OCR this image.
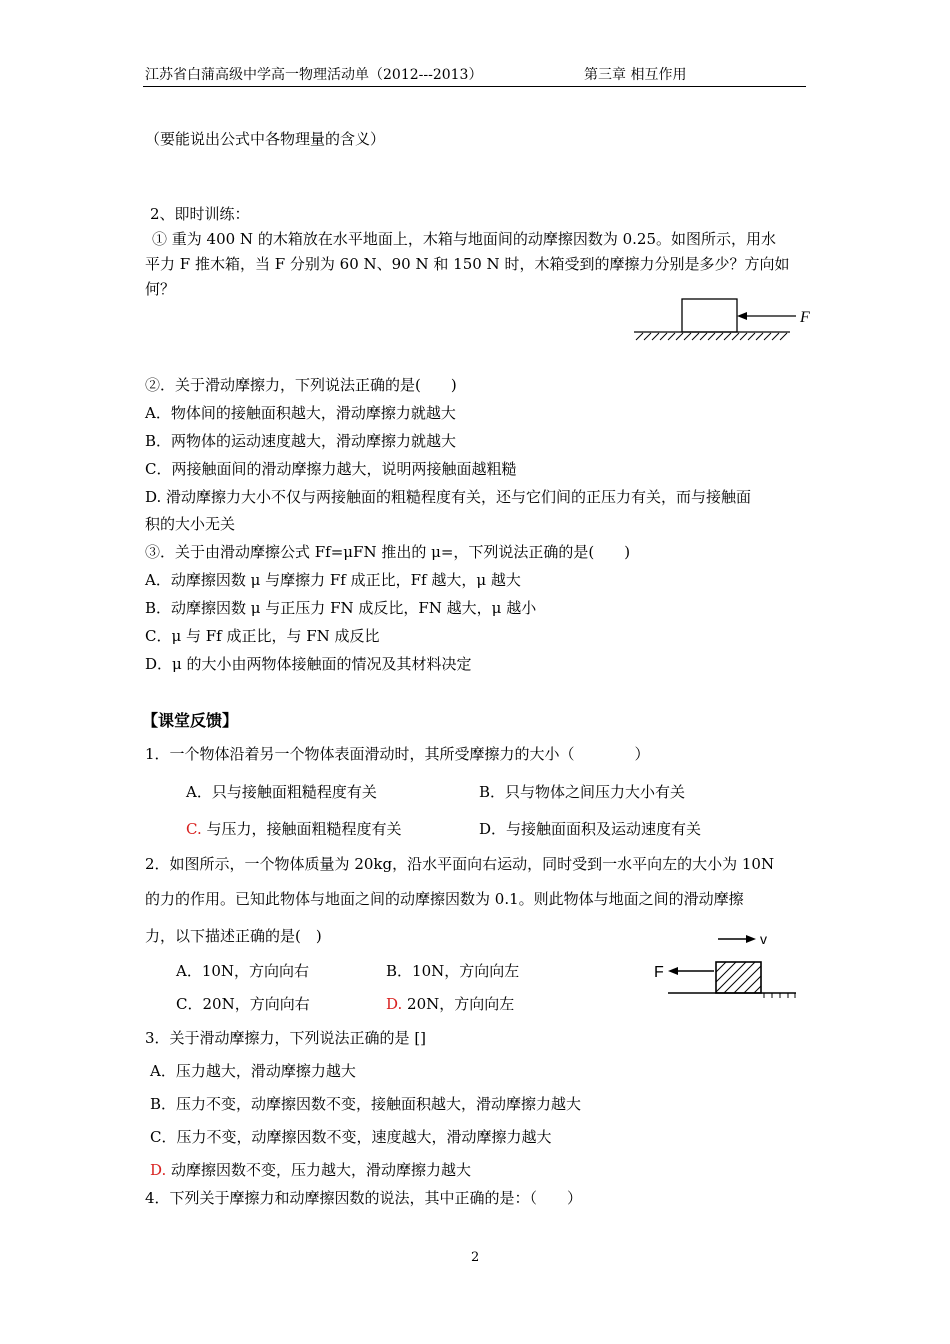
江苏省白蒲高级中学高一物理活动单（2012---2013）	第三章 相互作用
（要能说出公式中各物理量的含义）
2、即时训练：
① 重为 400 N 的木箱放在水平地面上，木箱与地面间的动摩擦因数为 0.25。如图所示，用水
平力 F 推木箱，当 F 分别为 60 N、90 N 和 150 N 时，木箱受到的摩擦力分别是多少？方向如
何？
F
②．关于滑动摩擦力，下列说法正确的是(　　)
A．物体间的接触面积越大，滑动摩擦力就越大
B．两物体的运动速度越大，滑动摩擦力就越大
C．两接触面间的滑动摩擦力越大，说明两接触面越粗糙
D. 滑动摩擦力大小不仅与两接触面的粗糙程度有关，还与它们间的正压力有关，而与接触面
积的大小无关
③．关于由滑动摩擦公式 Ff=μFN 推出的 μ=，下列说法正确的是(　　)
A．动摩擦因数 μ 与摩擦力 Ff 成正比，Ff 越大，μ 越大
B．动摩擦因数 μ 与正压力 FN 成反比，FN 越大，μ 越小
C．μ 与 Ff 成正比，与 FN 成反比
D．μ 的大小由两物体接触面的情况及其材料决定
【课堂反馈】
1．一个物体沿着另一个物体表面滑动时，其所受摩擦力的大小（　　　　）
A．只与接触面粗糙程度有关	B．只与物体之间压力大小有关
C. 与压力，接触面粗糙程度有关	D．与接触面面积及运动速度有关
2．如图所示，一个物体质量为 20kg，沿水平面向右运动，同时受到一水平向左的大小为 10N
的力的作用。已知此物体与地面之间的动摩擦因数为 0.1。则此物体与地面之间的滑动摩擦
力，以下描述正确的是(　)
A．10N，方向向右	B．10N，方向向左
C．20N，方向向右	D. 20N，方向向左
v
F
3．关于滑动摩擦力，下列说法正确的是 []
A．压力越大，滑动摩擦力越大
B．压力不变，动摩擦因数不变，接触面积越大，滑动摩擦力越大
C．压力不变，动摩擦因数不变，速度越大，滑动摩擦力越大
D. 动摩擦因数不变，压力越大，滑动摩擦力越大
4．下列关于摩擦力和动摩擦因数的说法，其中正确的是：（　　）
2
